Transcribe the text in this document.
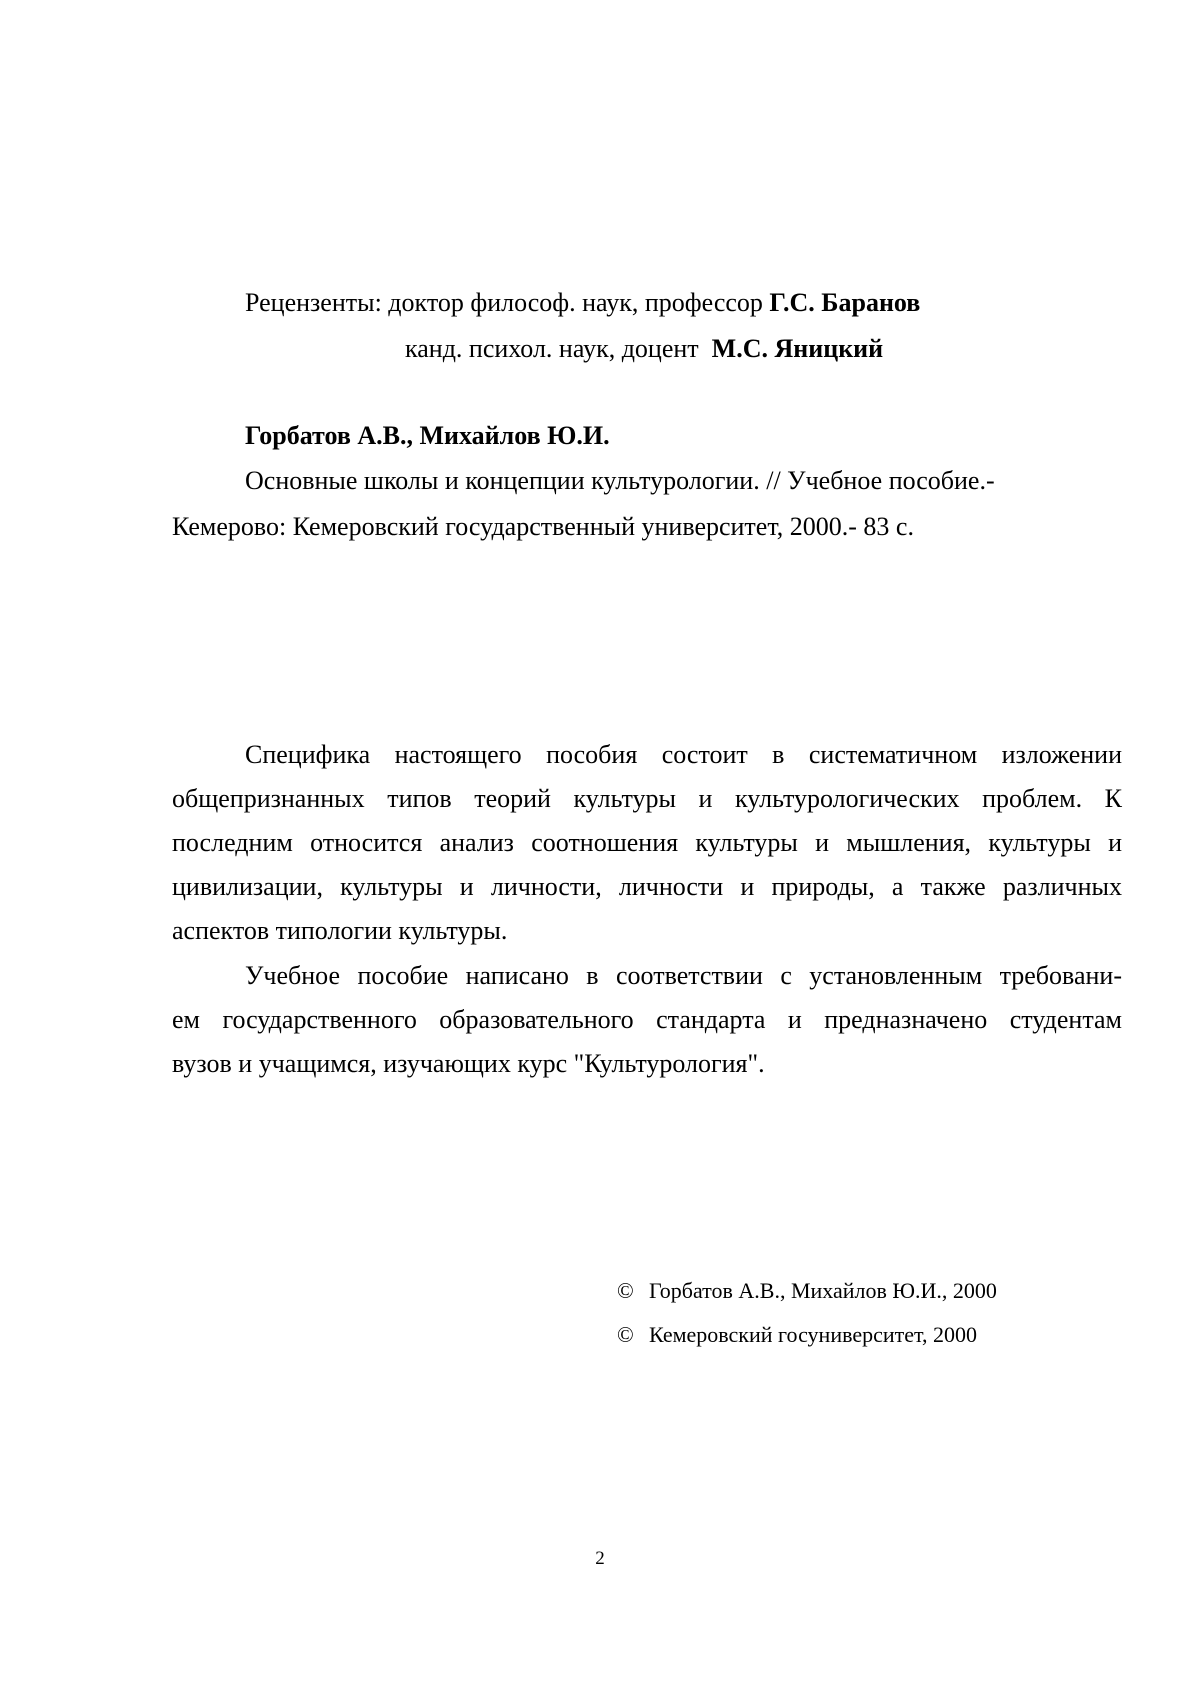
Рецензенты: доктор философ. наук, профессор Г.С. Баранов
канд. психол. наук, доцент  М.С. Яницкий
Горбатов А.В., Михайлов Ю.И.
Основные школы и концепции культурологии. // Учебное пособие.-
Кемерово: Кемеровский государственный университет, 2000.- 83 с.
Специфика настоящего пособия состоит в систематичном изложении
общепризнанных типов теорий культуры и культурологических проблем. К
последним относится анализ соотношения культуры и мышления, культуры и
цивилизации, культуры и личности, личности и природы, а также различных
аспектов типологии культуры.
Учебное пособие написано в соответствии с установленным требовани-
ем государственного образовательного стандарта и предназначено студентам
вузов и учащимся, изучающих курс "Культурология".
© Горбатов А.В., Михайлов Ю.И., 2000
© Кемеровский госуниверситет, 2000
2
